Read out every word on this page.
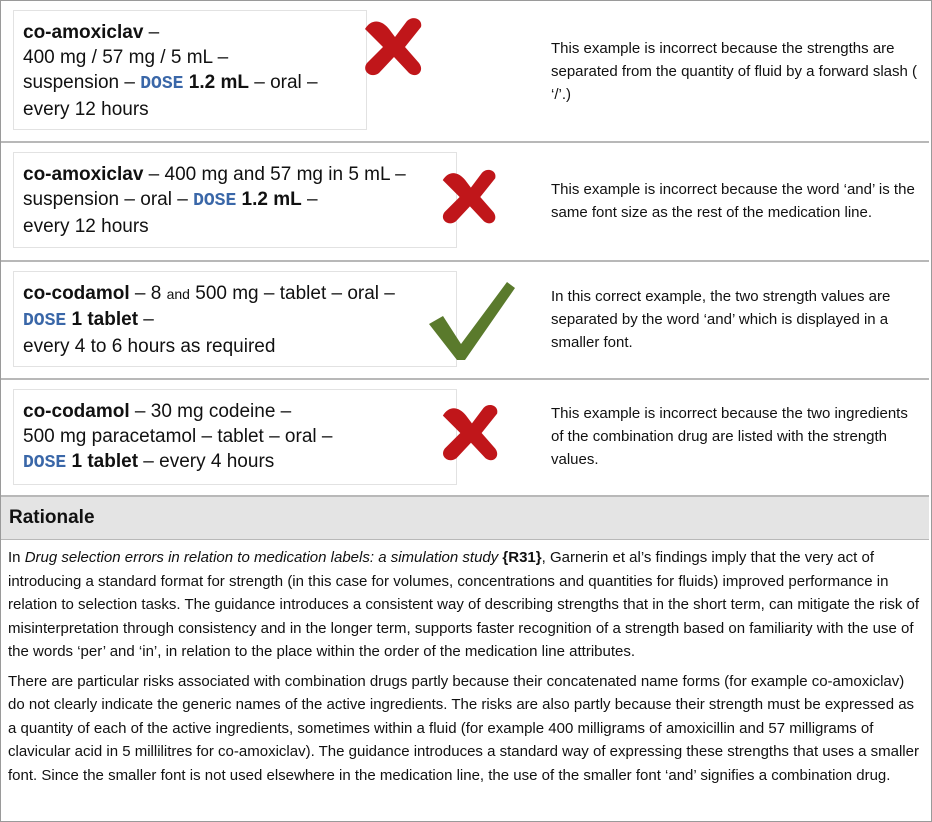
co-amoxiclav –
400 mg / 57 mg / 5 mL –
suspension – DOSE 1.2 mL – oral –
every 12 hours
This example is incorrect because the strengths are separated from the quantity of fluid by a forward slash ( ‘/’.)
co-amoxiclav – 400 mg and 57 mg in 5 mL –
suspension – oral – DOSE 1.2 mL –
every 12 hours
This example is incorrect because the word ‘and’ is the same font size as the rest of the medication line.
co-codamol – 8 and 500 mg – tablet – oral –
DOSE 1 tablet –
every 4 to 6 hours as required
In this correct example, the two strength values are separated by the word ‘and’ which is displayed in a smaller font.
co-codamol – 30 mg codeine –
500 mg paracetamol – tablet – oral –
DOSE 1 tablet – every 4 hours
This example is incorrect because the two ingredients of the combination drug are listed with the strength values.
Rationale

In Drug selection errors in relation to medication labels: a simulation study {R31}, Garnerin et al’s findings imply that the very act of introducing a standard format for strength (in this case for volumes, concentrations and quantities for fluids) improved performance in relation to selection tasks. The guidance introduces a consistent way of describing strengths that in the short term, can mitigate the risk of misinterpretation through consistency and in the longer term, supports faster recognition of a strength based on familiarity with the use of the words ‘per’ and ‘in’, in relation to the place within the order of the medication line attributes.

There are particular risks associated with combination drugs partly because their concatenated name forms (for example co-amoxiclav) do not clearly indicate the generic names of the active ingredients. The risks are also partly because their strength must be expressed as a quantity of each of the active ingredients, sometimes within a fluid (for example 400 milligrams of amoxicillin and 57 milligrams of clavicular acid in 5 millilitres for co-amoxiclav). The guidance introduces a standard way of expressing these strengths that uses a smaller font. Since the smaller font is not used elsewhere in the medication line, the use of the smaller font ‘and’ signifies a combination drug.
